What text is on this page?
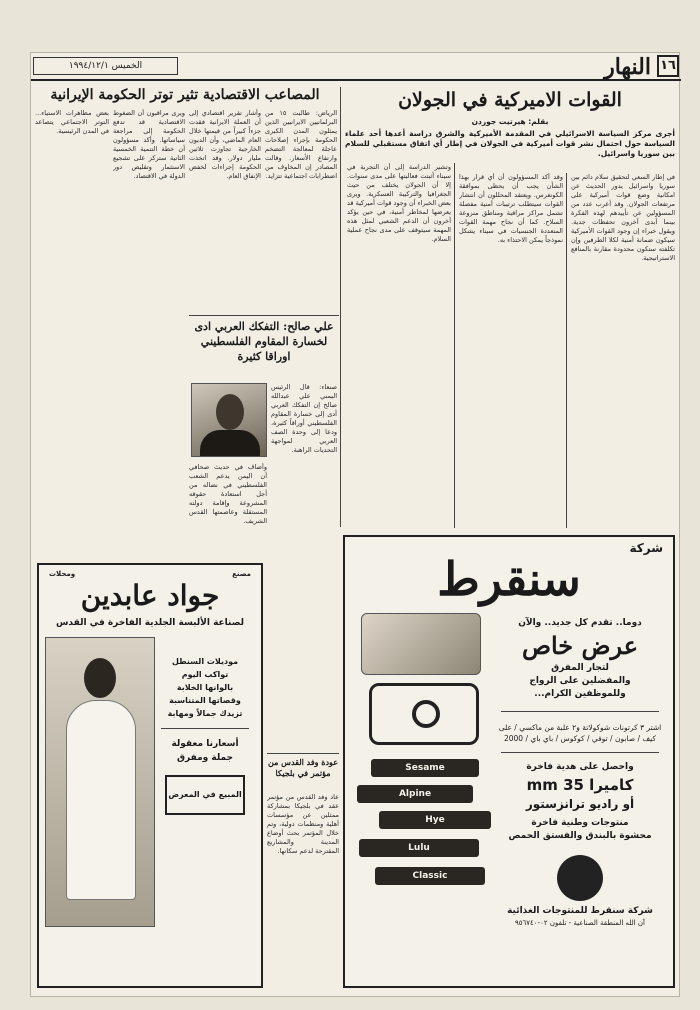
١٦
النهار
الخميس ١٩٩٤/١٢/١
القوات الاميركية في الجولان
بقلم: هيرتيت جوردن
أجرى مركز السياسة الاسرائيلي في المقدمة الأميركية والشرق دراسة أعدها أحد علماء السياسة حول احتمال نشر قوات أميركية في الجولان في إطار أي اتفاق مستقبلي للسلام بين سوريا واسرائيل.
في إطار السعي لتحقيق سلام دائم بين سوريا واسرائيل يدور الحديث عن امكانية وضع قوات أميركية على مرتفعات الجولان. وقد أعرب عدد من المسؤولين عن تأييدهم لهذه الفكرة بينما أبدى آخرون تحفظات جدية. ويقول خبراء إن وجود القوات الأميركية سيكون ضمانة أمنية لكلا الطرفين وإن تكلفته ستكون محدودة مقارنة بالمنافع الاستراتيجية.
وقد أكد المسؤولون أن أي قرار بهذا الشأن يجب أن يحظى بموافقة الكونغرس. ويعتقد المحللون أن انتشار القوات سيتطلب ترتيبات أمنية مفصلة تشمل مراكز مراقبة ومناطق منزوعة السلاح. كما أن نجاح مهمة القوات المتعددة الجنسيات في سيناء يشكل نموذجاً يمكن الاحتذاء به.
وتشير الدراسة إلى أن التجربة في سيناء أثبتت فعاليتها على مدى سنوات. إلا أن الجولان يختلف من حيث الجغرافيا والتركيبة العسكرية. ويرى بعض الخبراء أن وجود قوات أميركية قد يعرضها لمخاطر أمنية، في حين يؤكد آخرون أن الدعم الشعبي لمثل هذه المهمة سيتوقف على مدى نجاح عملية السلام.
المصاعب الاقتصادية تثير توتر الحكومة الإيرانية
الرياض: طالبت ١٥ من البرلمانيين الايرانيين الذين يمثلون المدن الكبرى الحكومة بإجراء إصلاحات عاجلة لمعالجة التضخم وارتفاع الأسعار. وقالت المصادر إن المخاوف من اضطرابات اجتماعية تتزايد.
وأشار تقرير اقتصادي إلى أن العملة الايرانية فقدت جزءاً كبيراً من قيمتها خلال العام الماضي، وأن الديون الخارجية تجاوزت ثلاثين مليار دولار. وقد اتخذت الحكومة إجراءات لخفض الإنفاق العام.
ويرى مراقبون أن الضغوط الاقتصادية قد تدفع الحكومة إلى مراجعة سياساتها. وأكد مسؤولون أن خطة التنمية الخمسية الثانية ستركز على تشجيع الاستثمار وتقليص دور الدولة في الاقتصاد.
بعض مظاهرات الاستياء... التوتر الاجتماعي يتصاعد في المدن الرئيسية.
علي صالح: التفكك العربي ادى لخسارة المقاوم الفلسطيني اوراقا كثيرة
صنعاء: قال الرئيس اليمني علي عبدالله صالح إن التفكك العربي أدى إلى خسارة المقاوم الفلسطيني أوراقاً كثيرة، ودعا إلى وحدة الصف العربي لمواجهة التحديات الراهنة.
وأضاف في حديث صحافي أن اليمن يدعم الشعب الفلسطيني في نضاله من أجل استعادة حقوقه المشروعة وإقامة دولته المستقلة وعاصمتها القدس الشريف.
عودة وفد القدس من مؤتمر في بلجيكا
عاد وفد القدس من مؤتمر عقد في بلجيكا بمشاركة ممثلين عن مؤسسات أهلية ومنظمات دولية، وتم خلال المؤتمر بحث أوضاع المدينة والمشاريع المقترحة لدعم سكانها.
مصنع
ومحلات
جواد عابدين
لصناعة الألبسة الجلدية الفاخرة في القدس
موديلات السنطل
تواكب اليوم
بالوانها الخلابة
وقصاتها المتناسبة
تزيدك جمالاً ومهابة
أسعارنا معقولة
جملة ومفرق
المبيع في المعرض
شركة
سنقرط
Sesame
Alpine
Hye
Lulu
Classic
دوما.. تقدم كل جديد.. والآن
عرض خاص
لتجار المفرق
والمفضلين على الرواج
وللموظفين الكرام...
اشتر ٣ كرتونات شوكولاتة و٢ علبة من ماكسي / على كيف / صابون / توفي / كوكوس / باي باي / 2000
واحصل على هدية فاخرة
كاميرا 35 mm
أو راديو ترانزستور
منتوجات وطنية فاخرة
محشوة بالبندق والفستق الحمص
شركة سنقرط للمنتوجات الغذائية
آن الله المنطقة الصناعية - تلفون ٠٢-٩٥٦٧٤٠
